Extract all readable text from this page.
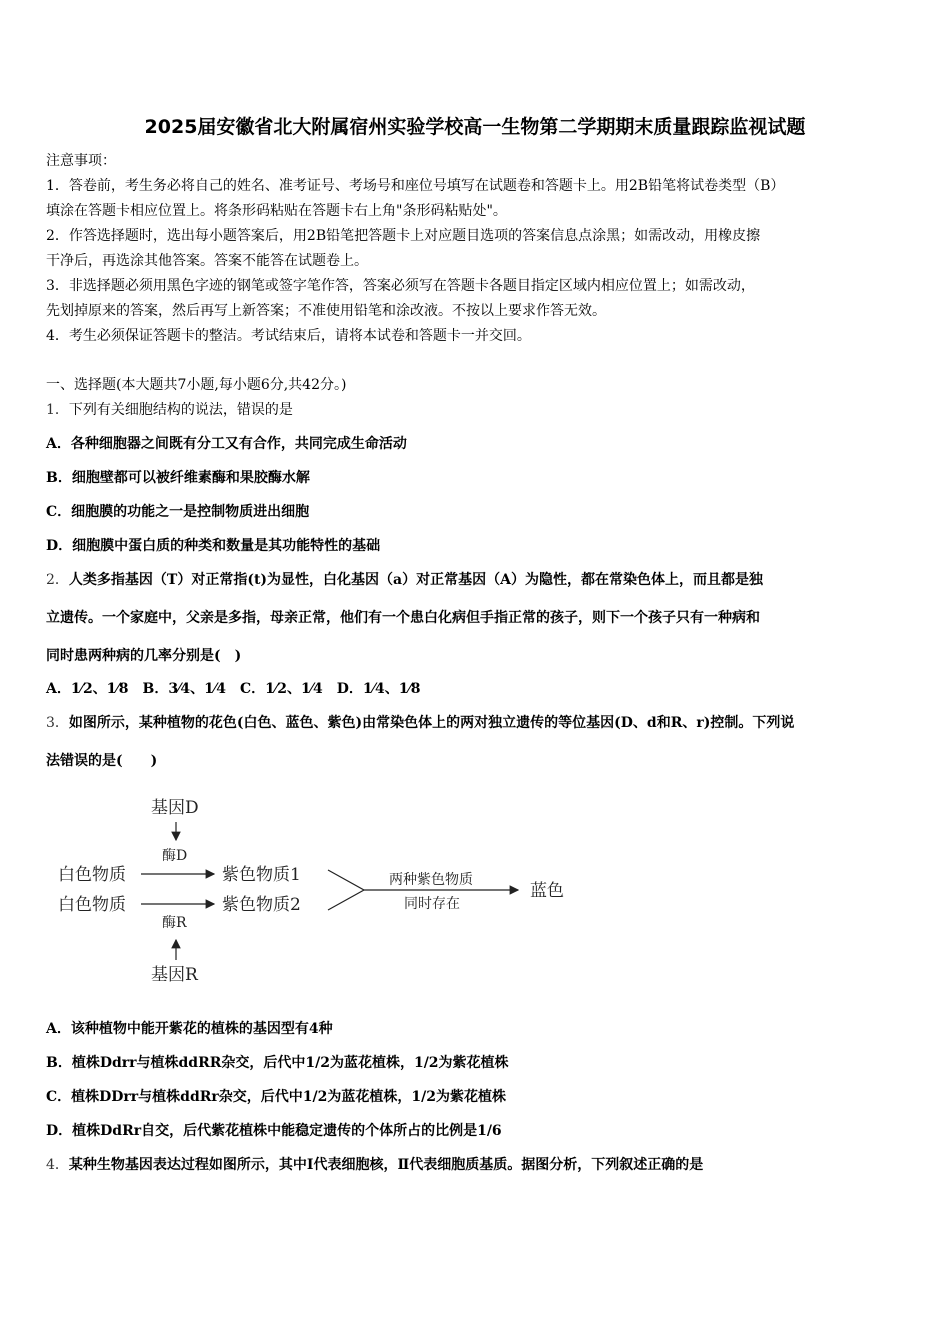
2025届安徽省北大附属宿州实验学校高一生物第二学期期末质量跟踪监视试题
注意事项：
1．答卷前，考生务必将自己的姓名、准考证号、考场号和座位号填写在试题卷和答题卡上。用2B铅笔将试卷类型（B）
填涂在答题卡相应位置上。将条形码粘贴在答题卡右上角"条形码粘贴处"。
2．作答选择题时，选出每小题答案后，用2B铅笔把答题卡上对应题目选项的答案信息点涂黑；如需改动，用橡皮擦
干净后，再选涂其他答案。答案不能答在试题卷上。
3．非选择题必须用黑色字迹的钢笔或签字笔作答，答案必须写在答题卡各题目指定区域内相应位置上；如需改动，
先划掉原来的答案，然后再写上新答案；不准使用铅笔和涂改液。不按以上要求作答无效。
4．考生必须保证答题卡的整洁。考试结束后，请将本试卷和答题卡一并交回。
一、选择题(本大题共7小题,每小题6分,共42分。)
1．下列有关细胞结构的说法，错误的是
A．各种细胞器之间既有分工又有合作，共同完成生命活动
B．细胞壁都可以被纤维素酶和果胶酶水解
C．细胞膜的功能之一是控制物质进出细胞
D．细胞膜中蛋白质的种类和数量是其功能特性的基础
2．人类多指基因（T）对正常指(t)为显性，白化基因（a）对正常基因（A）为隐性，都在常染色体上，而且都是独
立遗传。一个家庭中，父亲是多指，母亲正常，他们有一个患白化病但手指正常的孩子，则下一个孩子只有一种病和
同时患两种病的几率分别是(　)
A．1⁄2、1⁄8　B．3⁄4、1⁄4　C．1⁄2、1⁄4　D．1⁄4、1⁄8
3．如图所示，某种植物的花色(白色、蓝色、紫色)由常染色体上的两对独立遗传的等位基因(D、d和R、r)控制。下列说
法错误的是(　　)
基因D
酶D
白色物质	紫色物质1
白色物质	紫色物质2
酶R
基因R
两种紫色物质
同时存在
蓝色
A．该种植物中能开紫花的植株的基因型有4种
B．植株Ddrr与植株ddRR杂交，后代中1/2为蓝花植株，1/2为紫花植株
C．植株DDrr与植株ddRr杂交，后代中1/2为蓝花植株，1/2为紫花植株
D．植株DdRr自交，后代紫花植株中能稳定遗传的个体所占的比例是1/6
4．某种生物基因表达过程如图所示，其中Ⅰ代表细胞核，Ⅱ代表细胞质基质。据图分析，下列叙述正确的是
